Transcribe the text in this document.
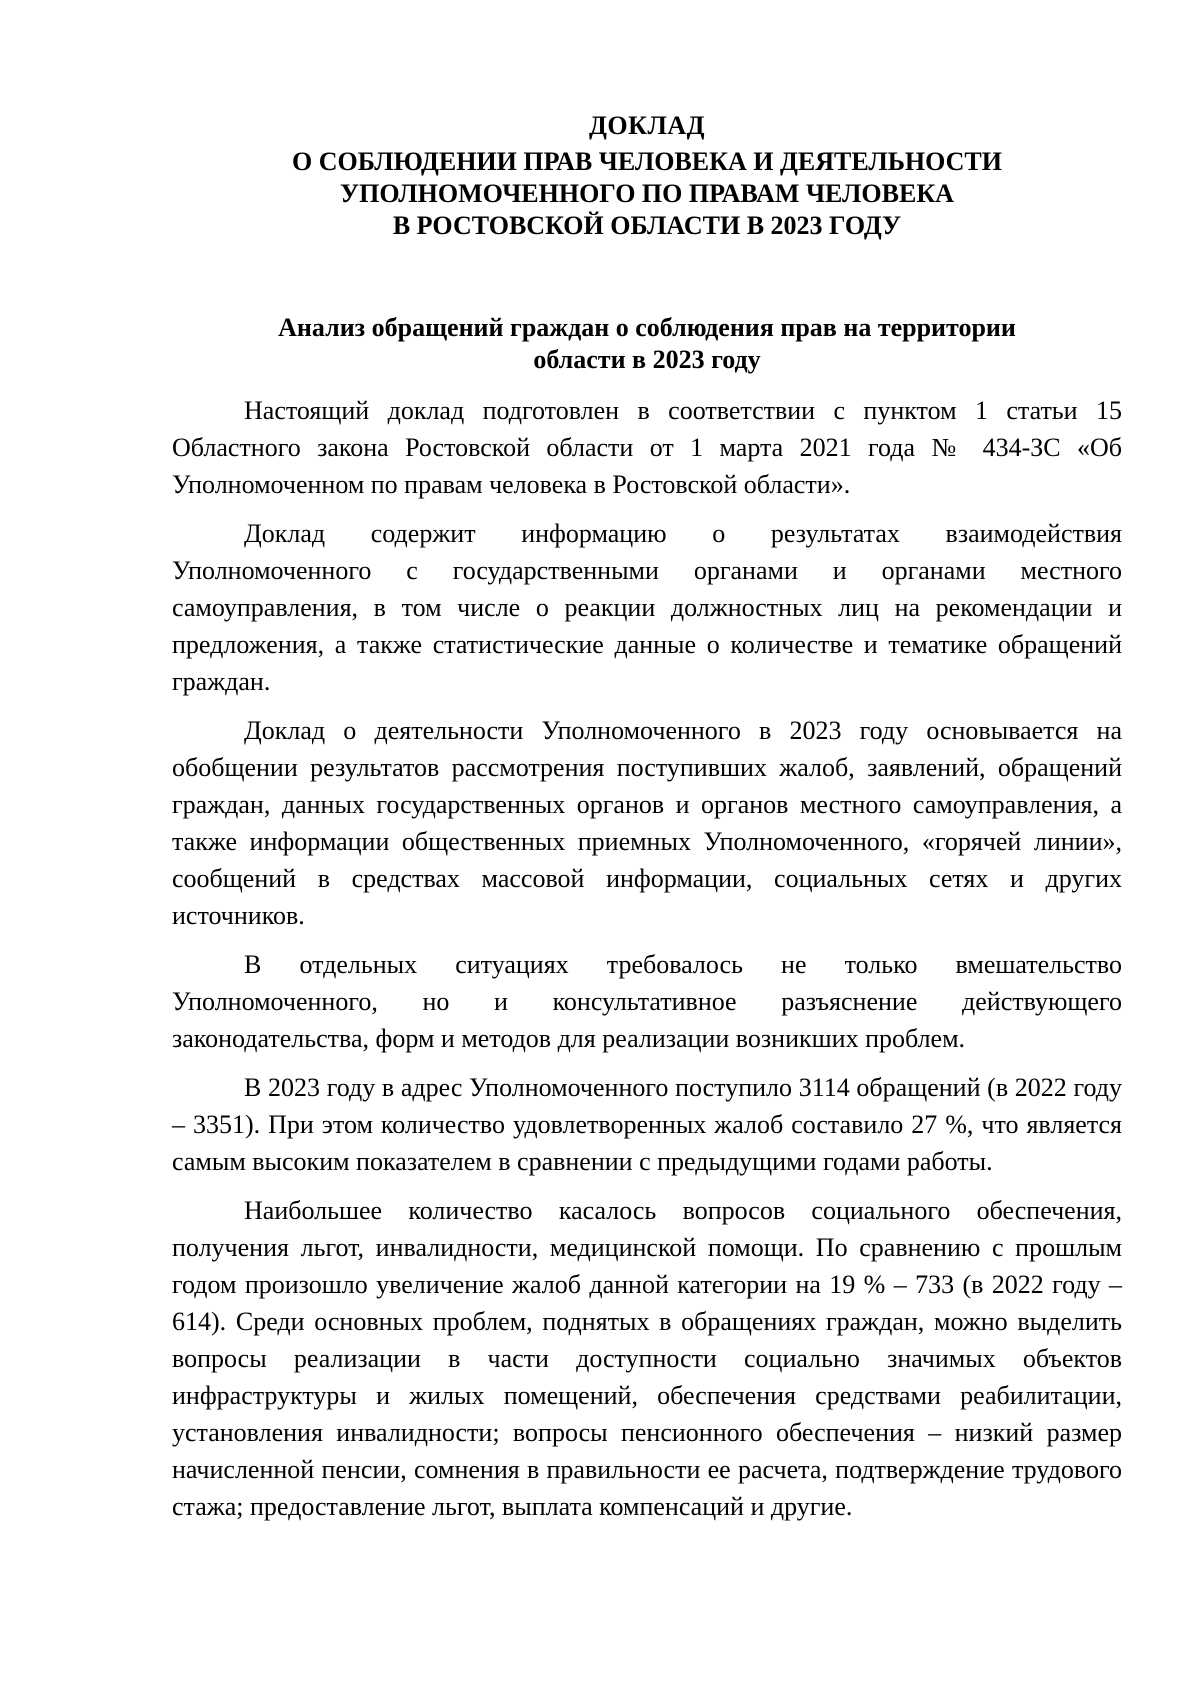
ДОКЛАД
О СОБЛЮДЕНИИ ПРАВ ЧЕЛОВЕКА И ДЕЯТЕЛЬНОСТИ
УПОЛНОМОЧЕННОГО ПО ПРАВАМ ЧЕЛОВЕКА
В РОСТОВСКОЙ ОБЛАСТИ В 2023 ГОДУ
Анализ обращений граждан о соблюдения прав на территории
области в 2023 году

Настоящий доклад подготовлен в соответствии с пунктом 1 статьи 15 Областного закона Ростовской области от 1 марта 2021 года № 434-ЗС «Об Уполномоченном по правам человека в Ростовской области».

Доклад содержит информацию о результатах взаимодействия Уполномоченного с государственными органами и органами местного самоуправления, в том числе о реакции должностных лиц на рекомендации и предложения, а также статистические данные о количестве и тематике обращений граждан.

Доклад о деятельности Уполномоченного в 2023 году основывается на обобщении результатов рассмотрения поступивших жалоб, заявлений, обращений граждан, данных государственных органов и органов местного самоуправления, а также информации общественных приемных Уполномоченного, «горячей линии», сообщений в средствах массовой информации, социальных сетях и других источников.

В отдельных ситуациях требовалось не только вмешательство Уполномоченного, но и консультативное разъяснение действующего законодательства, форм и методов для реализации возникших проблем.

В 2023 году в адрес Уполномоченного поступило 3114 обращений (в 2022 году – 3351). При этом количество удовлетворенных жалоб составило 27 %, что является самым высоким показателем в сравнении с предыдущими годами работы.

Наибольшее количество касалось вопросов социального обеспечения, получения льгот, инвалидности, медицинской помощи. По сравнению с прошлым годом произошло увеличение жалоб данной категории на 19 % – 733 (в 2022 году – 614). Среди основных проблем, поднятых в обращениях граждан, можно выделить вопросы реализации в части доступности социально значимых объектов инфраструктуры и жилых помещений, обеспечения средствами реабилитации, установления инвалидности; вопросы пенсионного обеспечения – низкий размер начисленной пенсии, сомнения в правильности ее расчета, подтверждение трудового стажа; предоставление льгот, выплата компенсаций и другие.
